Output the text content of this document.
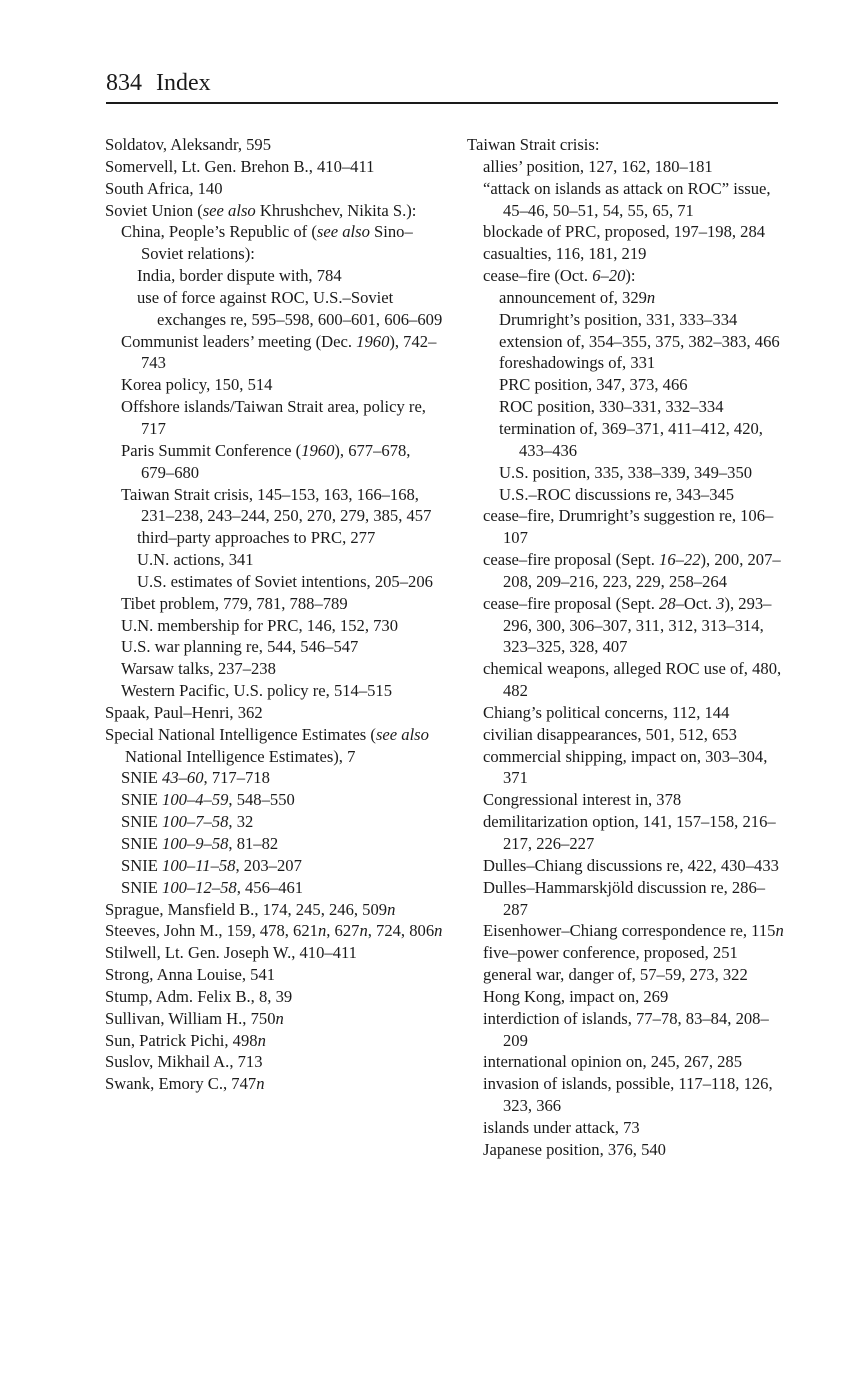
834 Index

Soldatov, Aleksandr, 595

Somervell, Lt. Gen. Brehon B., 410–411

South Africa, 140

Soviet Union (see also Khrushchev, Nikita S.):

China, People’s Republic of (see also Sino–Soviet relations):

India, border dispute with, 784

use of force against ROC, U.S.–Soviet exchanges re, 595–598, 600–601, 606–609

Communist leaders’ meeting (Dec. 1960), 742–743

Korea policy, 150, 514

Offshore islands/Taiwan Strait area, policy re, 717

Paris Summit Conference (1960), 677–678, 679–680

Taiwan Strait crisis, 145–153, 163, 166–168, 231–238, 243–244, 250, 270, 279, 385, 457

third–party approaches to PRC, 277

U.N. actions, 341

U.S. estimates of Soviet intentions, 205–206

Tibet problem, 779, 781, 788–789

U.N. membership for PRC, 146, 152, 730

U.S. war planning re, 544, 546–547

Warsaw talks, 237–238

Western Pacific, U.S. policy re, 514–515

Spaak, Paul–Henri, 362

Special National Intelligence Estimates (see also National Intelligence Estimates), 7

SNIE 43–60, 717–718

SNIE 100–4–59, 548–550

SNIE 100–7–58, 32

SNIE 100–9–58, 81–82

SNIE 100–11–58, 203–207

SNIE 100–12–58, 456–461

Sprague, Mansfield B., 174, 245, 246, 509n

Steeves, John M., 159, 478, 621n, 627n, 724, 806n

Stilwell, Lt. Gen. Joseph W., 410–411

Strong, Anna Louise, 541

Stump, Adm. Felix B., 8, 39

Sullivan, William H., 750n

Sun, Patrick Pichi, 498n

Suslov, Mikhail A., 713

Swank, Emory C., 747n

Taiwan Strait crisis:

allies’ position, 127, 162, 180–181

“attack on islands as attack on ROC” issue, 45–46, 50–51, 54, 55, 65, 71

blockade of PRC, proposed, 197–198, 284

casualties, 116, 181, 219

cease–fire (Oct. 6–20):

announcement of, 329n

Drumright’s position, 331, 333–334

extension of, 354–355, 375, 382–383, 466

foreshadowings of, 331

PRC position, 347, 373, 466

ROC position, 330–331, 332–334

termination of, 369–371, 411–412, 420, 433–436

U.S. position, 335, 338–339, 349–350

U.S.–ROC discussions re, 343–345

cease–fire, Drumright’s suggestion re, 106–107

cease–fire proposal (Sept. 16–22), 200, 207–208, 209–216, 223, 229, 258–264

cease–fire proposal (Sept. 28–Oct. 3), 293–296, 300, 306–307, 311, 312, 313–314, 323–325, 328, 407

chemical weapons, alleged ROC use of, 480, 482

Chiang’s political concerns, 112, 144

civilian disappearances, 501, 512, 653

commercial shipping, impact on, 303–304, 371

Congressional interest in, 378

demilitarization option, 141, 157–158, 216–217, 226–227

Dulles–Chiang discussions re, 422, 430–433

Dulles–Hammarskjöld discussion re, 286–287

Eisenhower–Chiang correspondence re, 115n

five–power conference, proposed, 251

general war, danger of, 57–59, 273, 322

Hong Kong, impact on, 269

interdiction of islands, 77–78, 83–84, 208–209

international opinion on, 245, 267, 285

invasion of islands, possible, 117–118, 126, 323, 366

islands under attack, 73

Japanese position, 376, 540
